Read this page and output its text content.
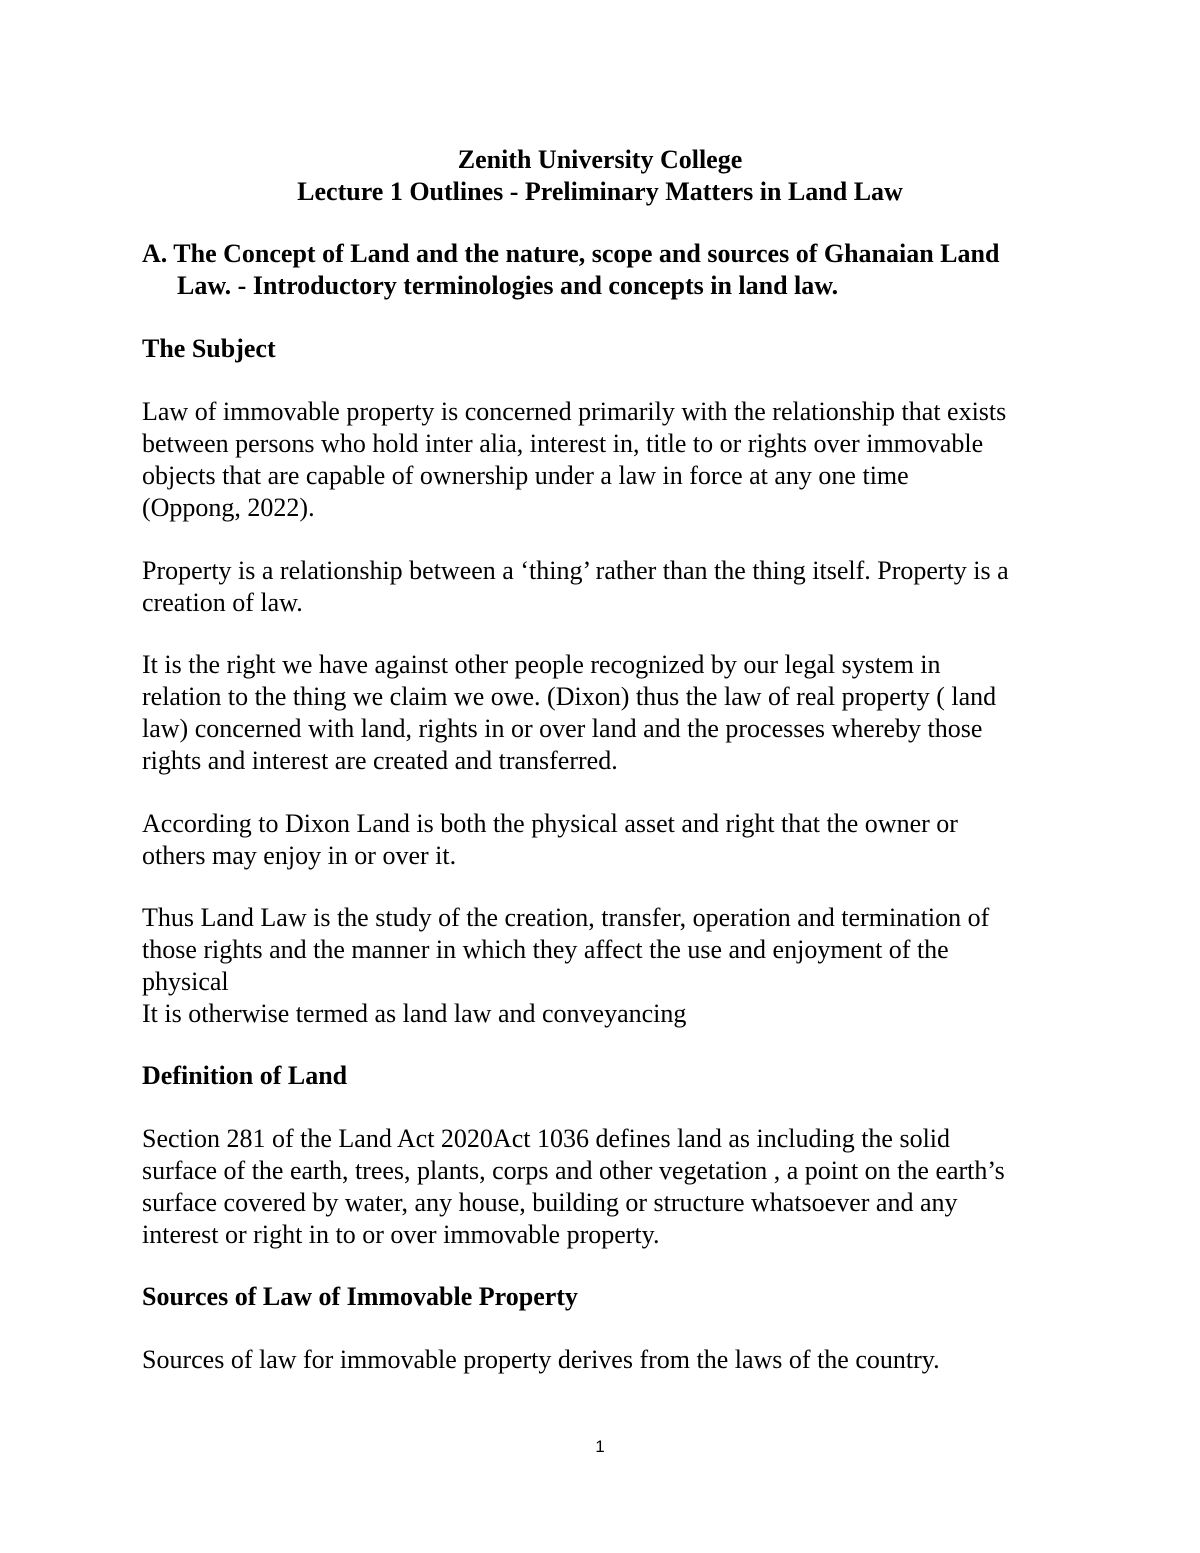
Zenith University College
Lecture 1 Outlines - Preliminary Matters in Land Law
A. The Concept of Land and the nature, scope and sources of Ghanaian Land
Law. - Introductory terminologies and concepts in land law.
The Subject
Law of immovable property is concerned primarily with the relationship that exists
between persons who hold inter alia, interest in, title to or rights over immovable
objects that are capable of ownership under a law in force at any one time
(Oppong, 2022).
Property is a relationship between a ‘thing’ rather than the thing itself. Property is a
creation of law.
It is the right we have against other people recognized by our legal system in
relation to the thing we claim we owe. (Dixon) thus the law of real property ( land
law) concerned with land, rights in or over land and the processes whereby those
rights and interest are created and transferred.
According to Dixon Land is both the physical asset and right that the owner or
others may enjoy in or over it.
Thus Land Law is the study of the creation, transfer, operation and termination of
those rights and the manner in which they affect the use and enjoyment of the
physical
It is otherwise termed as land law and conveyancing
Definition of Land
Section 281 of the Land Act 2020Act 1036 defines land as including the solid
surface of the earth, trees, plants, corps and other vegetation , a point on the earth’s
surface covered by water, any house, building or structure whatsoever and any
interest or right in to or over immovable property.
Sources of Law of Immovable Property
Sources of law for immovable property derives from the laws of the country.
1
